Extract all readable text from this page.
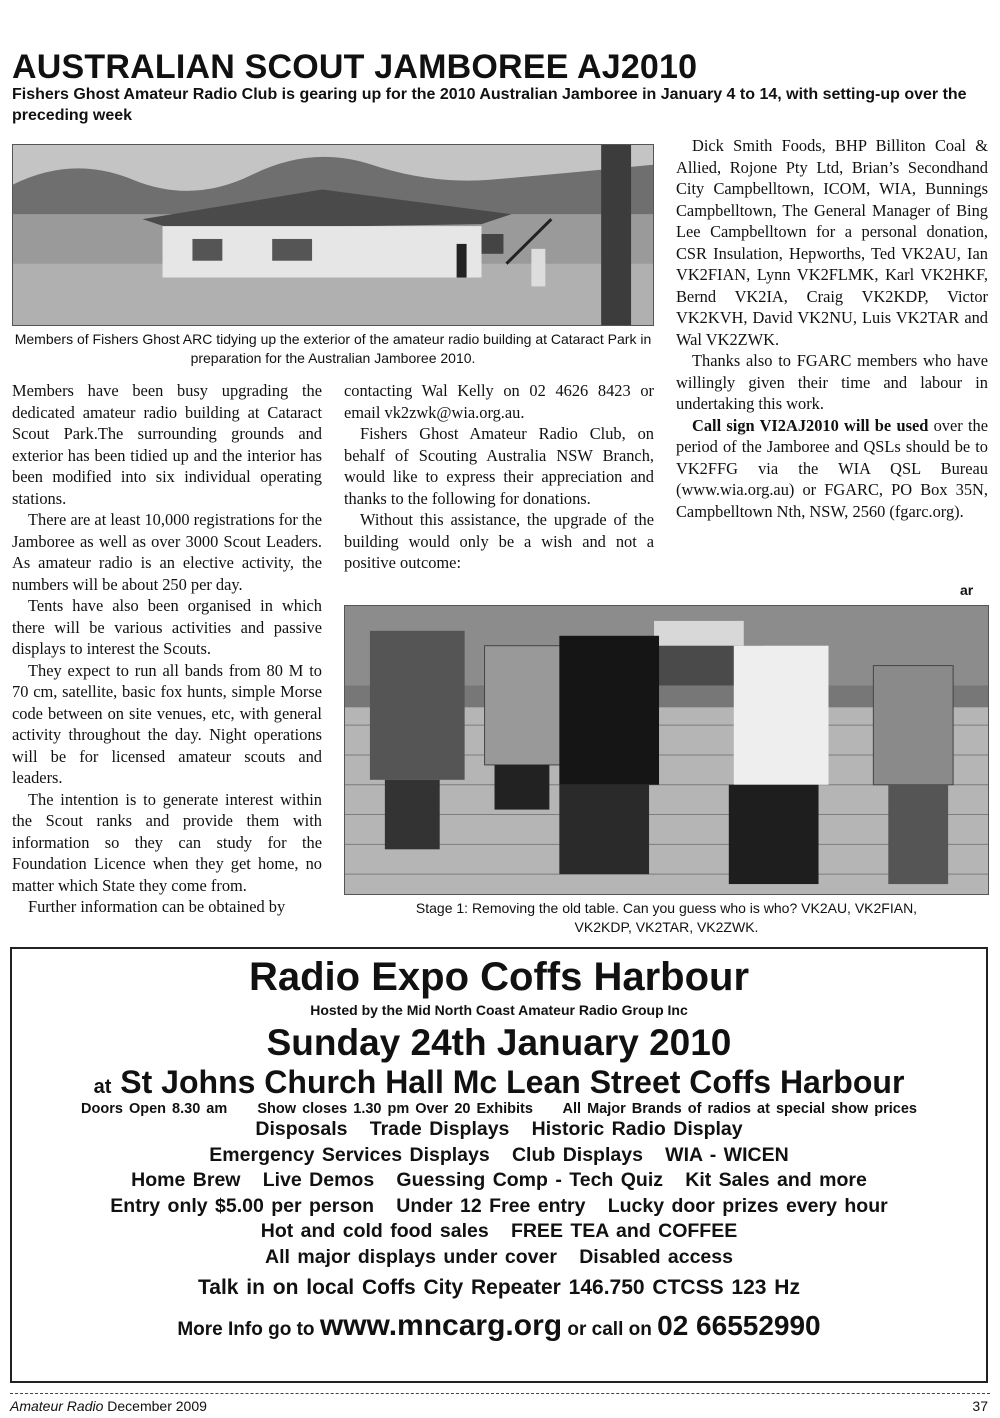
AUSTRALIAN SCOUT JAMBOREE AJ2010
Fishers Ghost Amateur Radio Club is gearing up for the 2010 Australian Jamboree in January 4 to 14, with setting-up over the preceding week
Members of Fishers Ghost ARC tidying up the exterior of the amateur radio building at Cataract Park in preparation for the Australian Jamboree 2010.

Members have been busy upgrading the dedicated amateur radio building at Cataract Scout Park.The surrounding grounds and exterior has been tidied up and the interior has been modified into six individual operating stations.

There are at least 10,000 registrations for the Jamboree as well as over 3000 Scout Leaders. As amateur radio is an elective activity, the numbers will be about 250 per day.

Tents have also been organised in which there will be various activities and passive displays to interest the Scouts.

They expect to run all bands from 80 M to 70 cm, satellite, basic fox hunts, simple Morse code between on site venues, etc, with general activity throughout the day. Night operations will be for licensed amateur scouts and leaders.

The intention is to generate interest within the Scout ranks and provide them with information so they can study for the Foundation Licence when they get home, no matter which State they come from.

Further information can be obtained by

contacting Wal Kelly on 02 4626 8423 or email vk2zwk@wia.org.au.

Fishers Ghost Amateur Radio Club, on behalf of Scouting Australia NSW Branch, would like to express their appreciation and thanks to the following for donations.

Without this assistance, the upgrade of the building would only be a wish and not a positive outcome:

Dick Smith Foods, BHP Billiton Coal & Allied, Rojone Pty Ltd, Brian’s Secondhand City Campbelltown, ICOM, WIA, Bunnings Campbelltown, The General Manager of Bing Lee Campbelltown for a personal donation, CSR Insulation, Hepworths, Ted VK2AU, Ian VK2FIAN, Lynn VK2FLMK, Karl VK2HKF, Bernd VK2IA, Craig VK2KDP, Victor VK2KVH, David VK2NU, Luis VK2TAR and Wal VK2ZWK.

Thanks also to FGARC members who have willingly given their time and labour in undertaking this work.

Call sign VI2AJ2010 will be used over the period of the Jamboree and QSLs should be to VK2FFG via the WIA QSL Bureau (www.wia.org.au) or FGARC, PO Box 35N, Campbelltown Nth, NSW, 2560 (fgarc.org).

ar
Stage 1: Removing the old table. Can you guess who is who? VK2AU, VK2FIAN,
VK2KDP, VK2TAR, VK2ZWK.
Radio Expo Coffs Harbour
Hosted by the Mid North Coast Amateur Radio Group Inc
Sunday 24th January 2010
at St Johns Church Hall Mc Lean Street Coffs Harbour
Doors Open 8.30 am     Show closes 1.30 pm Over 20 Exhibits     All Major Brands of radios at special show prices
Disposals   Trade Displays   Historic Radio Display
Emergency Services Displays   Club Displays   WIA - WICEN
Home Brew   Live Demos   Guessing Comp - Tech Quiz   Kit Sales and more
Entry only $5.00 per person   Under 12 Free entry   Lucky door prizes every hour
Hot and cold food sales   FREE TEA and COFFEE
All major displays under cover   Disabled access
Talk in on local Coffs City Repeater 146.750 CTCSS 123 Hz
More Info go to www.mncarg.org or call on 02 66552990
Amateur Radio December 2009	37
